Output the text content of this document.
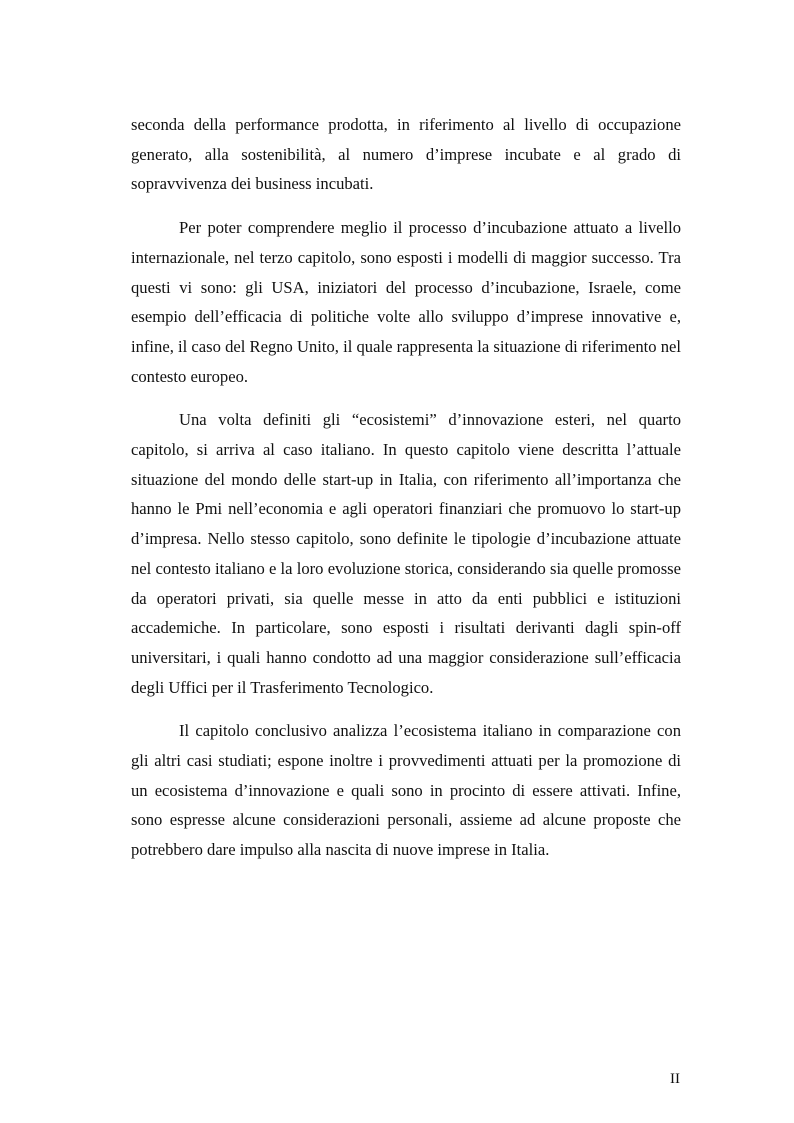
seconda della performance prodotta, in riferimento al livello di occupazione generato, alla sostenibilità, al numero d’imprese incubate e al grado di sopravvivenza dei business incubati.

Per poter comprendere meglio il processo d’incubazione attuato a livello internazionale, nel terzo capitolo, sono esposti i modelli di maggior successo. Tra questi vi sono: gli USA, iniziatori del processo d’incubazione, Israele, come esempio dell’efficacia di politiche volte allo sviluppo d’imprese innovative e, infine, il caso del Regno Unito, il quale rappresenta la situazione di riferimento nel contesto europeo.

Una volta definiti gli “ecosistemi” d’innovazione esteri, nel quarto capitolo, si arriva al caso italiano. In questo capitolo viene descritta l’attuale situazione del mondo delle start-up in Italia, con riferimento all’importanza che hanno le Pmi nell’economia e agli operatori finanziari che promuovo lo start-up d’impresa. Nello stesso capitolo, sono definite le tipologie d’incubazione attuate nel contesto italiano e la loro evoluzione storica, considerando sia quelle promosse da operatori privati, sia quelle messe in atto da enti pubblici e istituzioni accademiche. In particolare, sono esposti i risultati derivanti dagli spin-off universitari, i quali hanno condotto ad una maggior considerazione sull’efficacia degli Uffici per il Trasferimento Tecnologico.

Il capitolo conclusivo analizza l’ecosistema italiano in comparazione con gli altri casi studiati; espone inoltre i provvedimenti attuati per la promozione di un ecosistema d’innovazione e quali sono in procinto di essere attivati. Infine, sono espresse alcune considerazioni personali, assieme ad alcune proposte che potrebbero dare impulso alla nascita di nuove imprese in Italia.

II
